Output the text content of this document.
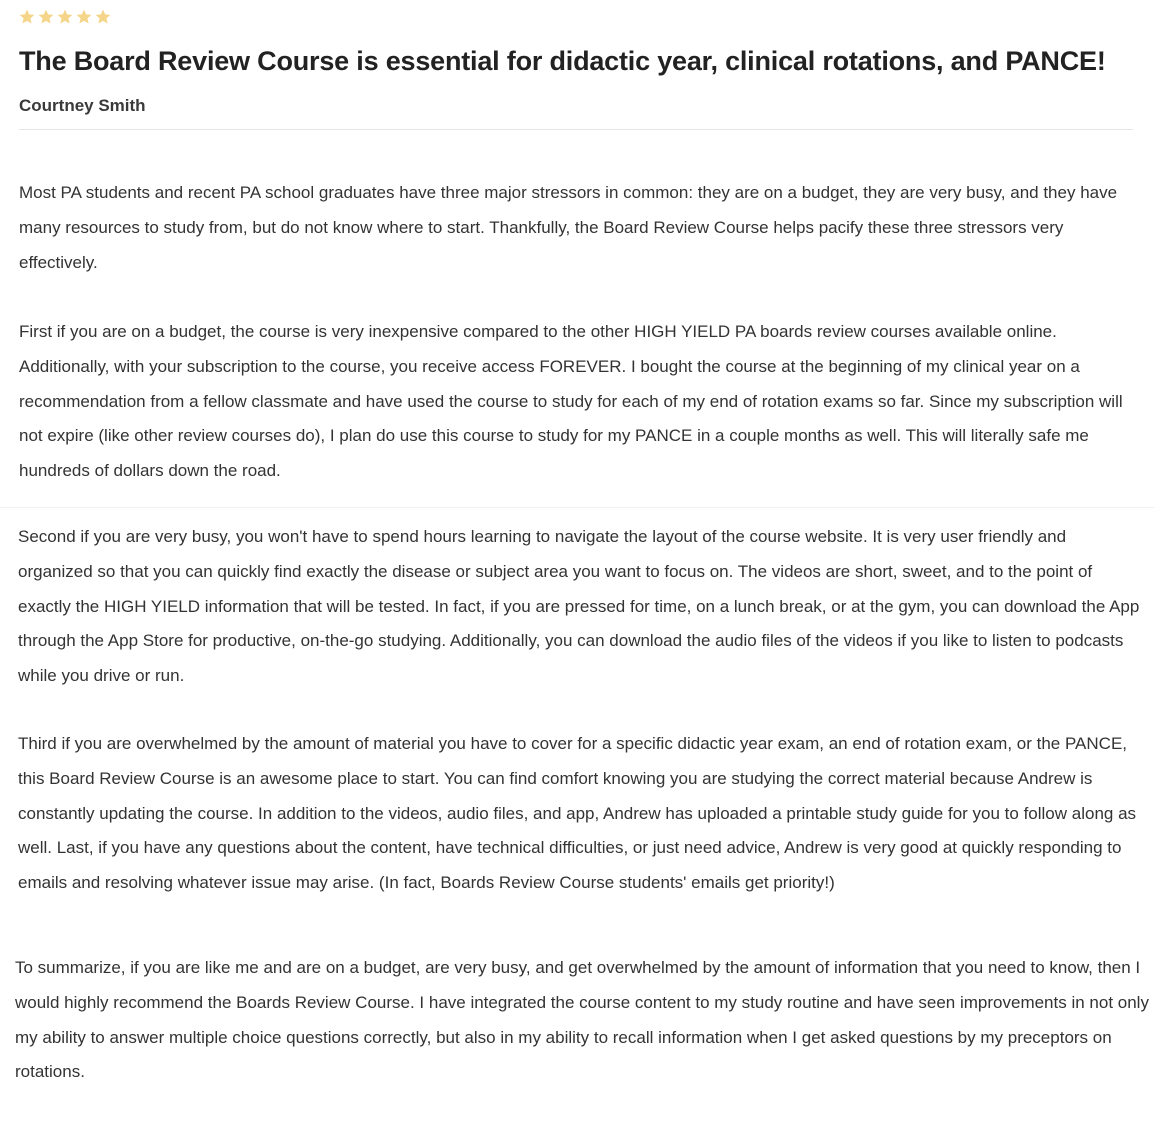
The Board Review Course is essential for didactic year, clinical rotations, and PANCE!
Courtney Smith

Most PA students and recent PA school graduates have three major stressors in common: they are on a budget, they are very busy, and they have many resources to study from, but do not know where to start. Thankfully, the Board Review Course helps pacify these three stressors very effectively.

First if you are on a budget, the course is very inexpensive compared to the other HIGH YIELD PA boards review courses available online. Additionally, with your subscription to the course, you receive access FOREVER. I bought the course at the beginning of my clinical year on a recommendation from a fellow classmate and have used the course to study for each of my end of rotation exams so far. Since my subscription will not expire (like other review courses do), I plan do use this course to study for my PANCE in a couple months as well. This will literally safe me hundreds of dollars down the road.

Second if you are very busy, you won't have to spend hours learning to navigate the layout of the course website. It is very user friendly and organized so that you can quickly find exactly the disease or subject area you want to focus on. The videos are short, sweet, and to the point of exactly the HIGH YIELD information that will be tested. In fact, if you are pressed for time, on a lunch break, or at the gym, you can download the App through the App Store for productive, on-the-go studying. Additionally, you can download the audio files of the videos if you like to listen to podcasts while you drive or run.

Third if you are overwhelmed by the amount of material you have to cover for a specific didactic year exam, an end of rotation exam, or the PANCE, this Board Review Course is an awesome place to start. You can find comfort knowing you are studying the correct material because Andrew is constantly updating the course. In addition to the videos, audio files, and app, Andrew has uploaded a printable study guide for you to follow along as well. Last, if you have any questions about the content, have technical difficulties, or just need advice, Andrew is very good at quickly responding to emails and resolving whatever issue may arise. (In fact, Boards Review Course students' emails get priority!)

To summarize, if you are like me and are on a budget, are very busy, and get overwhelmed by the amount of information that you need to know, then I would highly recommend the Boards Review Course. I have integrated the course content to my study routine and have seen improvements in not only my ability to answer multiple choice questions correctly, but also in my ability to recall information when I get asked questions by my preceptors on rotations.
